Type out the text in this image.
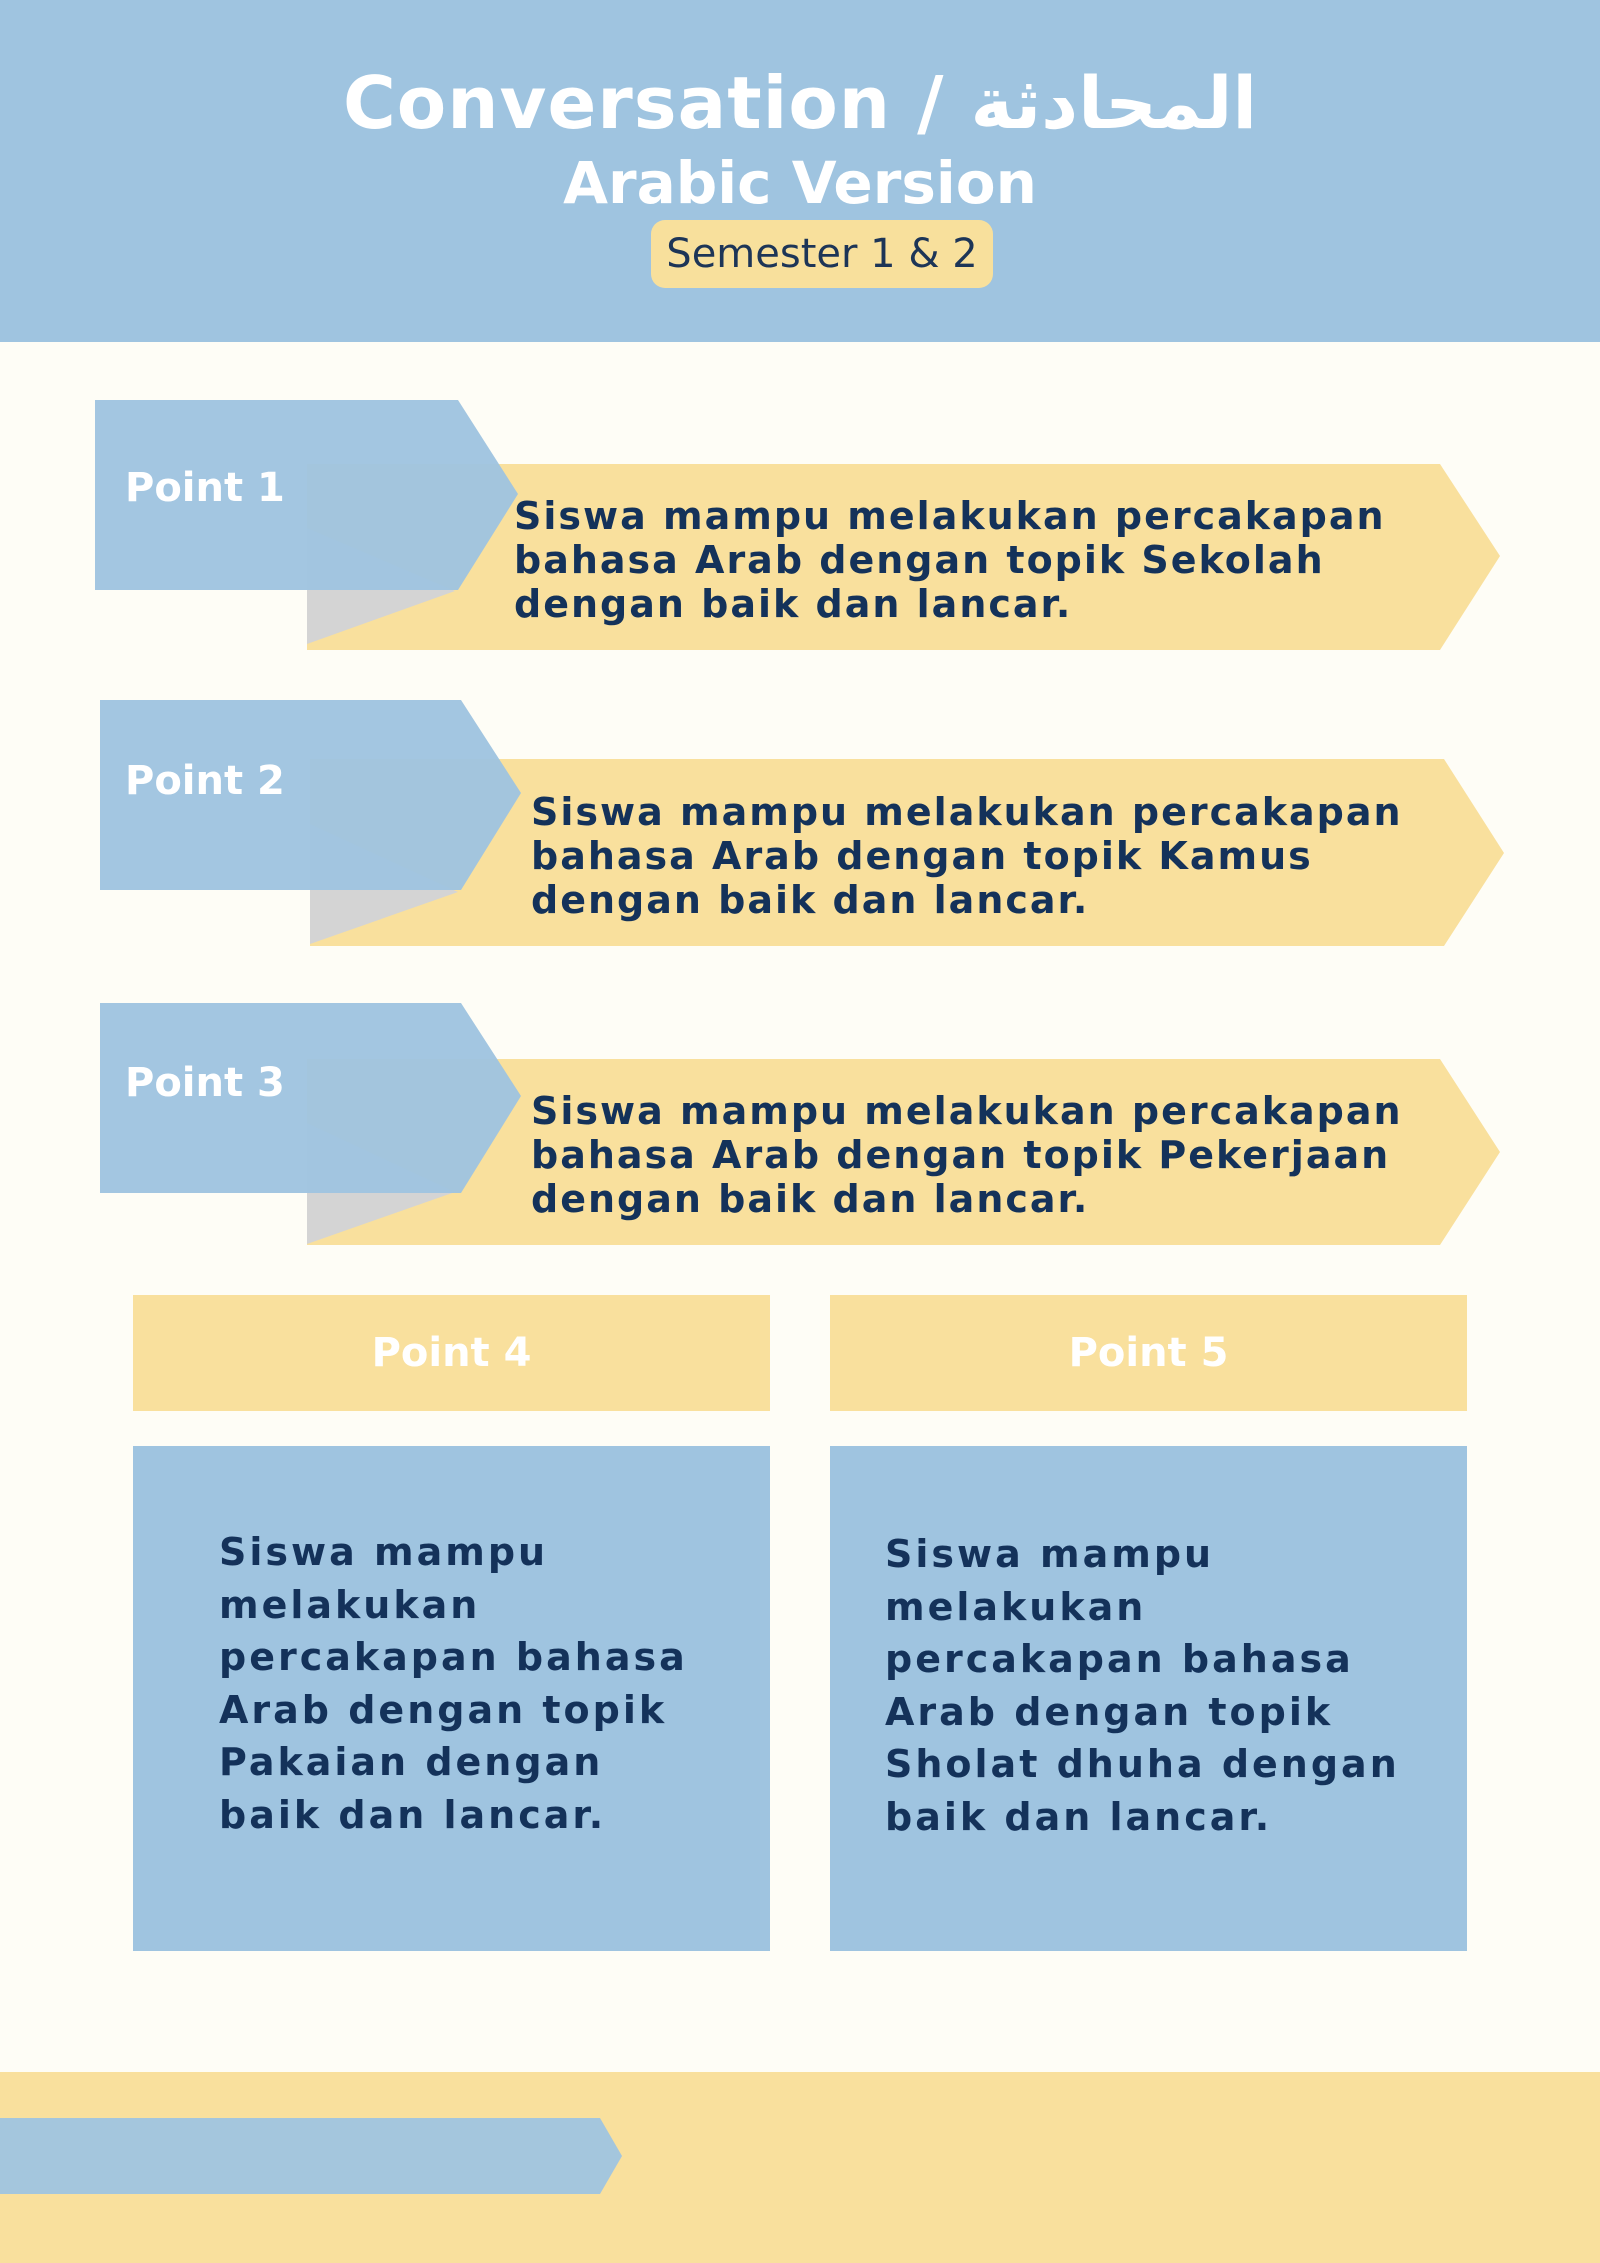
Conversation / المحادثة
Arabic Version
Semester 1 & 2
Point 1
Siswa mampu melakukan percakapan
bahasa Arab dengan topik Sekolah
dengan baik dan lancar.
Point 2
Siswa mampu melakukan percakapan
bahasa Arab dengan topik Kamus
dengan baik dan lancar.
Point 3
Siswa mampu melakukan percakapan
bahasa Arab dengan topik Pekerjaan
dengan baik dan lancar.
Point 4
Siswa mampu
melakukan
percakapan bahasa
Arab dengan topik
Pakaian dengan
baik dan lancar.
Point 5
Siswa mampu
melakukan
percakapan bahasa
Arab dengan topik
Sholat dhuha dengan
baik dan lancar.
